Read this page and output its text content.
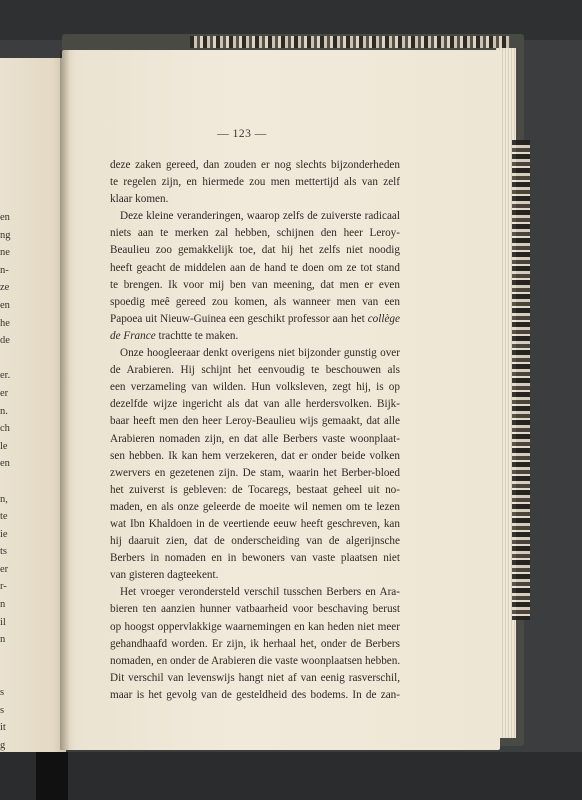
en
ng
ne
n-
ze
en
he
de
er.
er
n.
ch
le
en
n,
te
ie
ts
er
r-
n
il
n
s
s
it
g
— 123 —
deze zaken gereed, dan zouden er nog slechts bijzonderheden
te regelen zijn, en hiermede zou men mettertijd als van zelf
klaar komen.
Deze kleine veranderingen, waarop zelfs de zuiverste radicaal
niets aan te merken zal hebben, schijnen den heer Leroy-
Beaulieu zoo gemakkelijk toe, dat hij het zelfs niet noodig
heeft geacht de middelen aan de hand te doen om ze tot stand
te brengen. Ik voor mij ben van meening, dat men er even
spoedig meê gereed zou komen, als wanneer men van een
Papoea uit Nieuw-Guinea een geschikt professor aan het collège
de France trachtte te maken.
Onze hoogleeraar denkt overigens niet bijzonder gunstig over
de Arabieren. Hij schijnt het eenvoudig te beschouwen als
een verzameling van wilden. Hun volksleven, zegt hij, is op
dezelfde wijze ingericht als dat van alle herdersvolken. Bijk-
baar heeft men den heer Leroy-Beaulieu wijs gemaakt, dat alle
Arabieren nomaden zijn, en dat alle Berbers vaste woonplaat-
sen hebben. Ik kan hem verzekeren, dat er onder beide volken
zwervers en gezetenen zijn. De stam, waarin het Berber-bloed
het zuiverst is gebleven: de Tocaregs, bestaat geheel uit no-
maden, en als onze geleerde de moeite wil nemen om te lezen
wat Ibn Khaldoen in de veertiende eeuw heeft geschreven, kan
hij daaruit zien, dat de onderscheiding van de algerijnsche
Berbers in nomaden en in bewoners van vaste plaatsen niet
van gisteren dagteekent.
Het vroeger verondersteld verschil tusschen Berbers en Ara-
bieren ten aanzien hunner vatbaarheid voor beschaving berust
op hoogst oppervlakkige waarnemingen en kan heden niet meer
gehandhaafd worden. Er zijn, ik herhaal het, onder de Berbers
nomaden, en onder de Arabieren die vaste woonplaatsen hebben.
Dit verschil van levenswijs hangt niet af van eenig rasverschil,
maar is het gevolg van de gesteldheid des bodems. In de zan-
